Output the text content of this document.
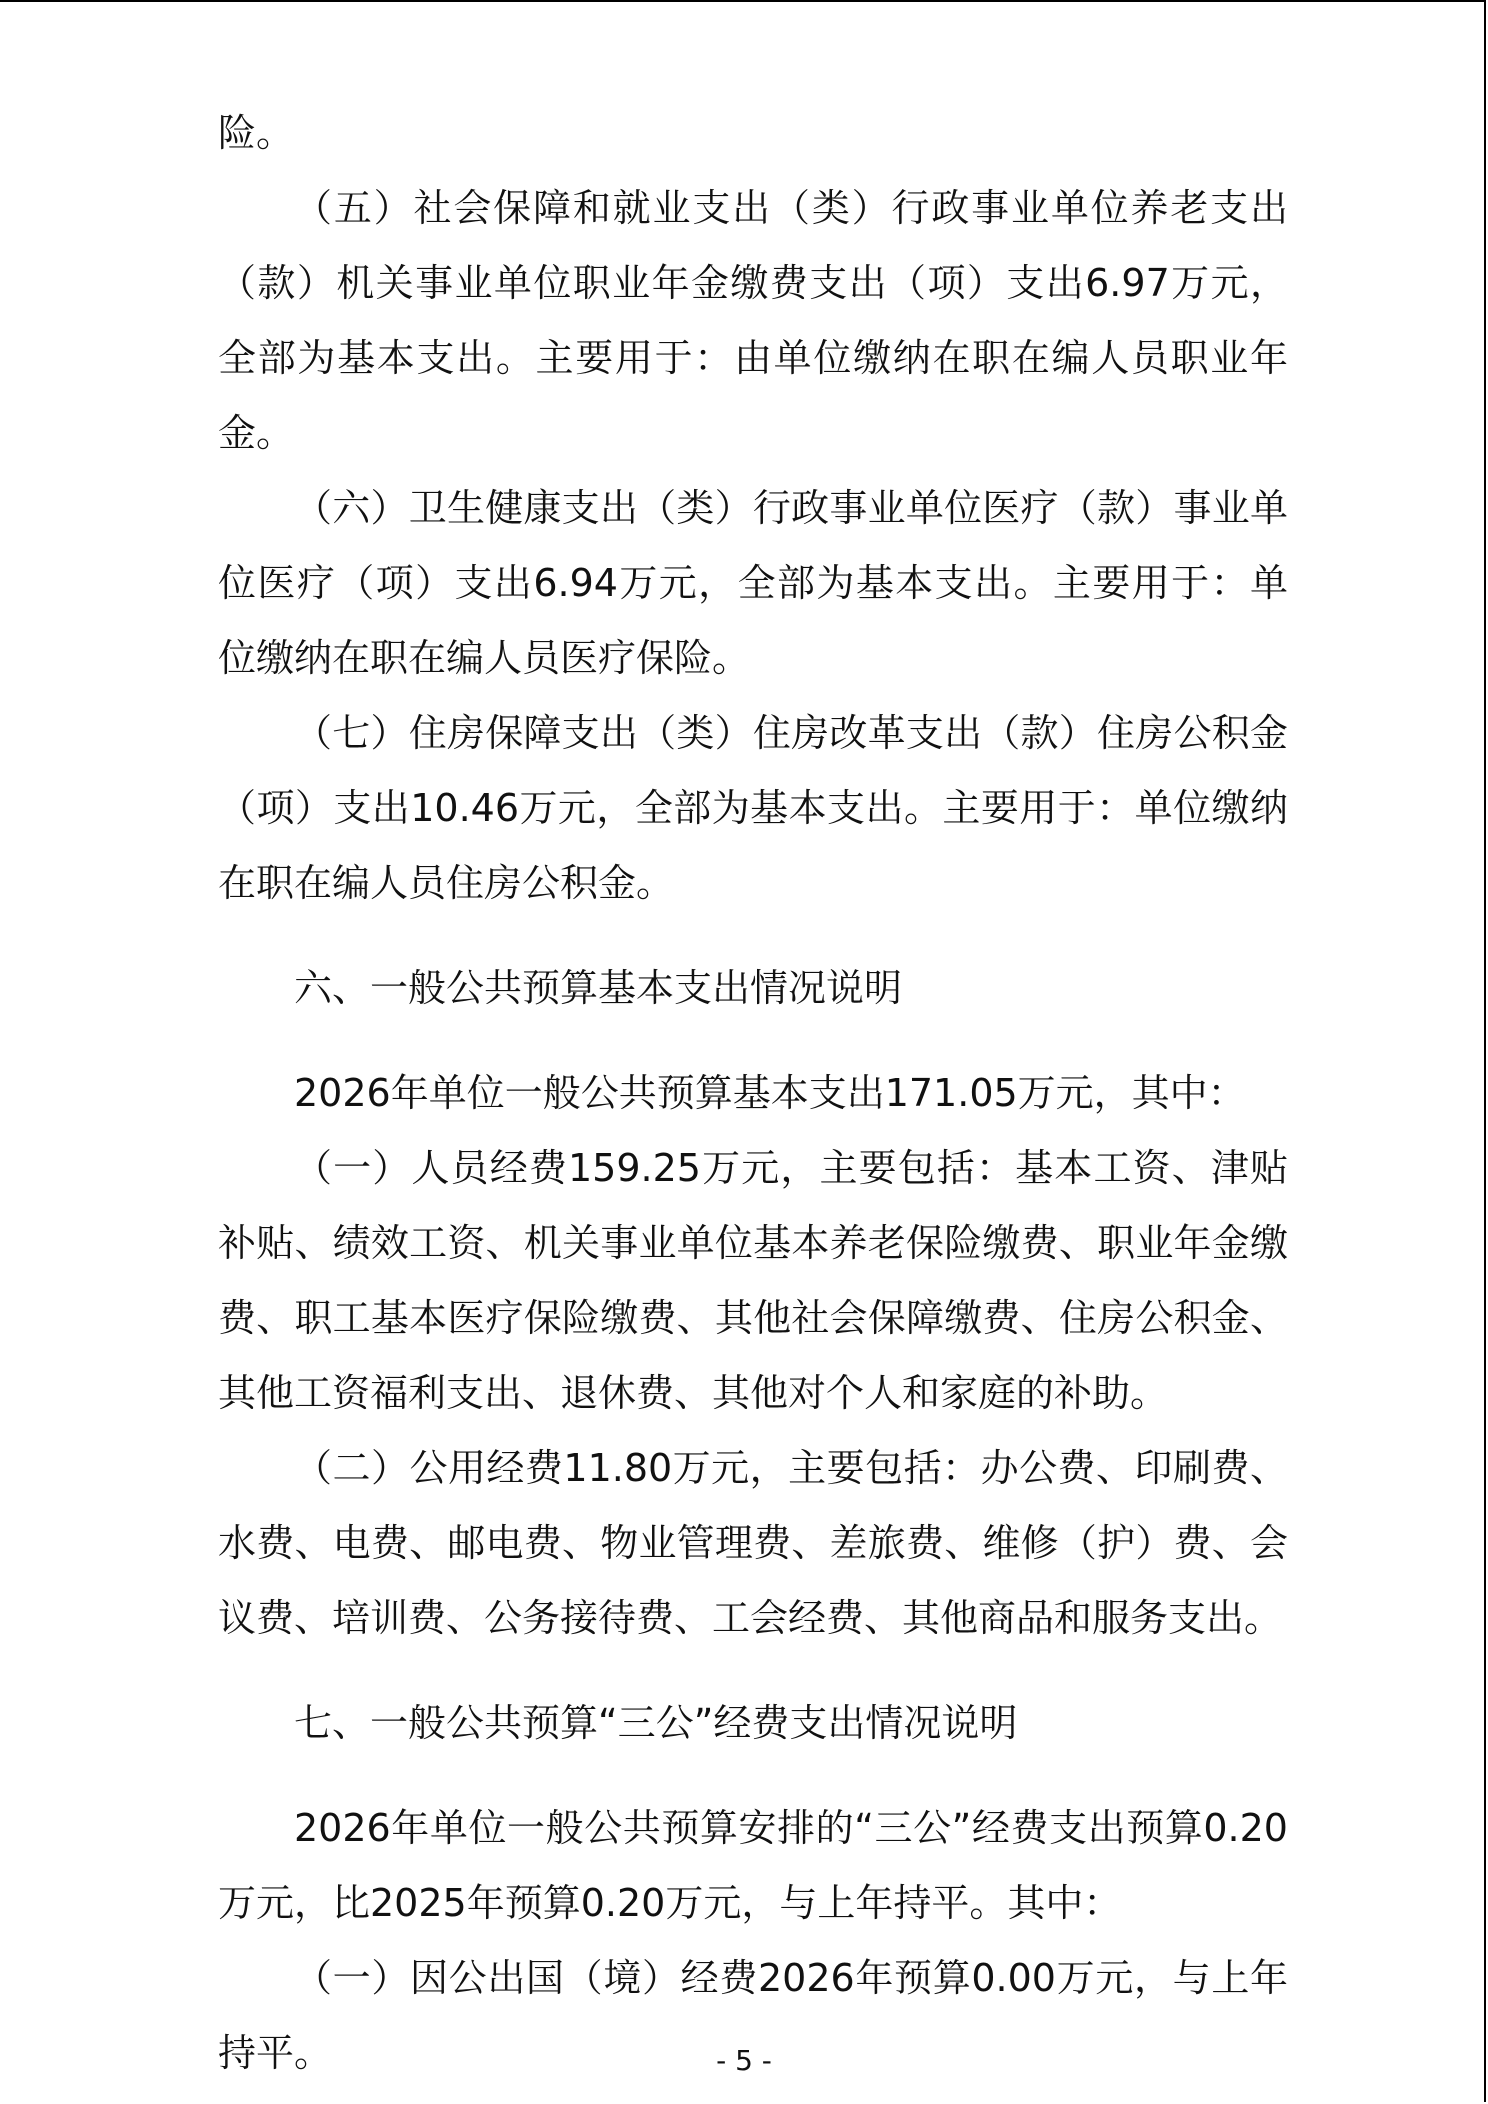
险。

（五）社会保障和就业支出（类）行政事业单位养老支出（款）机关事业单位职业年金缴费支出（项）支出6.97万元，全部为基本支出。主要用于：由单位缴纳在职在编人员职业年金。

（六）卫生健康支出（类）行政事业单位医疗（款）事业单位医疗（项）支出6.94万元，全部为基本支出。主要用于：单位缴纳在职在编人员医疗保险。

（七）住房保障支出（类）住房改革支出（款）住房公积金（项）支出10.46万元，全部为基本支出。主要用于：单位缴纳在职在编人员住房公积金。

六、一般公共预算基本支出情况说明

2026年单位一般公共预算基本支出171.05万元，其中：

（一）人员经费159.25万元，主要包括：基本工资、津贴补贴、绩效工资、机关事业单位基本养老保险缴费、职业年金缴费、职工基本医疗保险缴费、其他社会保障缴费、住房公积金、其他工资福利支出、退休费、其他对个人和家庭的补助。

（二）公用经费11.80万元，主要包括：办公费、印刷费、水费、电费、邮电费、物业管理费、差旅费、维修（护）费、会议费、培训费、公务接待费、工会经费、其他商品和服务支出。

七、一般公共预算“三公”经费支出情况说明

2026年单位一般公共预算安排的“三公”经费支出预算0.20万元，比2025年预算0.20万元，与上年持平。其中：

（一）因公出国（境）经费2026年预算0.00万元，与上年持平。	- 5 -
